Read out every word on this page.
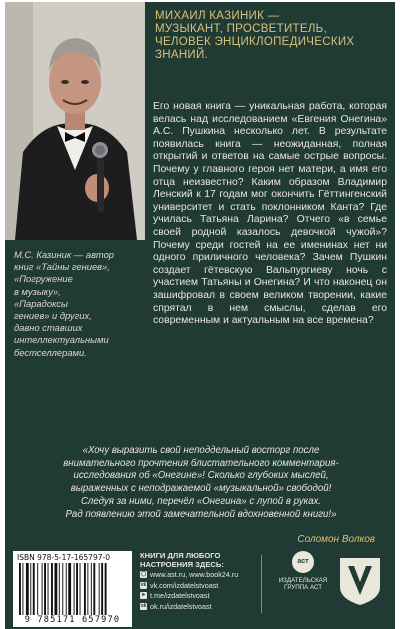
МИХАИЛ КАЗИНИК —
МУЗЫКАНТ, ПРОСВЕТИТЕЛЬ,
ЧЕЛОВЕК ЭНЦИКЛОПЕДИЧЕСКИХ
ЗНАНИЙ.

Его новая книга — уникальная работа, которая велась над исследованием «Евгения Онегина» А.С. Пушкина несколько лет. В результате появилась книга — неожиданная, полная открытий и ответов на самые острые вопросы. Почему у главного героя нет матери, а имя его отца неизвестно? Каким образом Владимир Ленский к 17 годам мог окончить Гёттингенский университет и стать поклонником Канта? Где училась Татьяна Ларина? Отчего «в семье своей родной казалось девочкой чужой»? Почему среди гостей на ее именинах нет ни одного приличного человека? Зачем Пушкин создает гётевскую Вальпургиеву ночь с участием Татьяны и Онегина? И что наконец он зашифровал в своем великом творении, какие спрятал в нем смыслы, сделав его современным и актуальным на все времена?

М.С. Казиник — автор
книг «Тайны гениев»,
«Погружение
в музыку»,
«Парадоксы
гениев» и других,
давно ставших
интеллектуальными
бестселлерами.
«Хочу выразить свой неподдельный восторг после
внимательного прочтения блистательного комментария-
исследования об «Онегине»! Сколько глубоких мыслей,
выраженных с неподражаемой «музыкальной» свободой!
Следуя за ними, перечёл «Онегина» с лупой в руках.
Рад появлению этой замечательной вдохновенной книги!»
Соломон Волков
ISBN 978-5-17-165797-0
9 785171 657970
КНИГИ ДЛЯ ЛЮБОГО
НАСТРОЕНИЯ ЗДЕСЬ:
◯ www.ast.ru, www.book24.ru
vk vk.com/izdatelstvoast
➤ t.me/izdatelstvoast
ok ok.ru/izdatelstvoast
аст
ИЗДАТЕЛЬСКАЯ
ГРУППА АСТ
